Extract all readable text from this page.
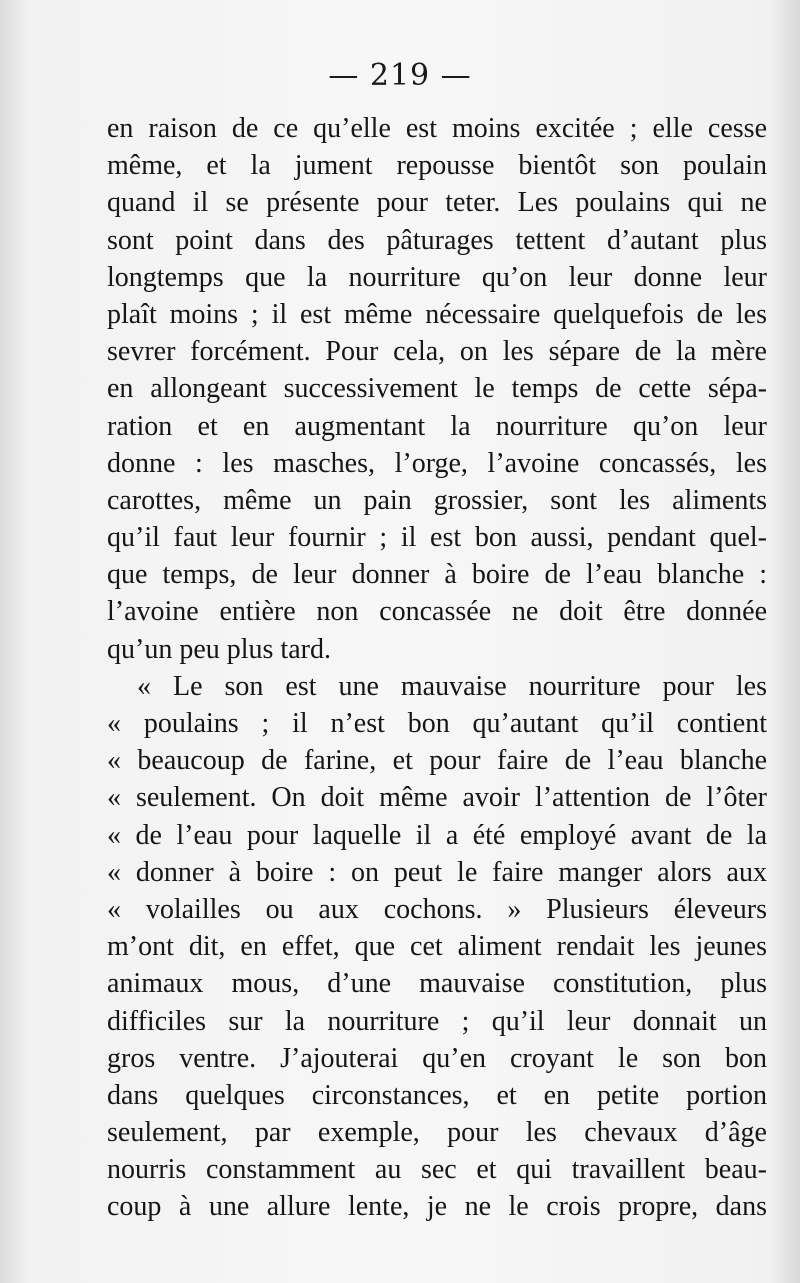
— 219 —
en raison de ce qu’elle est moins excitée ; elle cesse
même, et la jument repousse bientôt son poulain
quand il se présente pour teter. Les poulains qui ne
sont point dans des pâturages tettent d’autant plus
longtemps que la nourriture qu’on leur donne leur
plaît moins ; il est même nécessaire quelquefois de les
sevrer forcément. Pour cela, on les sépare de la mère
en allongeant successivement le temps de cette sépa-
ration et en augmentant la nourriture qu’on leur
donne : les masches, l’orge, l’avoine concassés, les
carottes, même un pain grossier, sont les aliments
qu’il faut leur fournir ; il est bon aussi, pendant quel-
que temps, de leur donner à boire de l’eau blanche :
l’avoine entière non concassée ne doit être donnée
qu’un peu plus tard.
« Le son est une mauvaise nourriture pour les
« poulains ; il n’est bon qu’autant qu’il contient
« beaucoup de farine, et pour faire de l’eau blanche
« seulement. On doit même avoir l’attention de l’ôter
« de l’eau pour laquelle il a été employé avant de la
« donner à boire : on peut le faire manger alors aux
« volailles ou aux cochons. » Plusieurs éleveurs
m’ont dit, en effet, que cet aliment rendait les jeunes
animaux mous, d’une mauvaise constitution, plus
difficiles sur la nourriture ; qu’il leur donnait un
gros ventre. J’ajouterai qu’en croyant le son bon
dans quelques circonstances, et en petite portion
seulement, par exemple, pour les chevaux d’âge
nourris constamment au sec et qui travaillent beau-
coup à une allure lente, je ne le crois propre, dans
